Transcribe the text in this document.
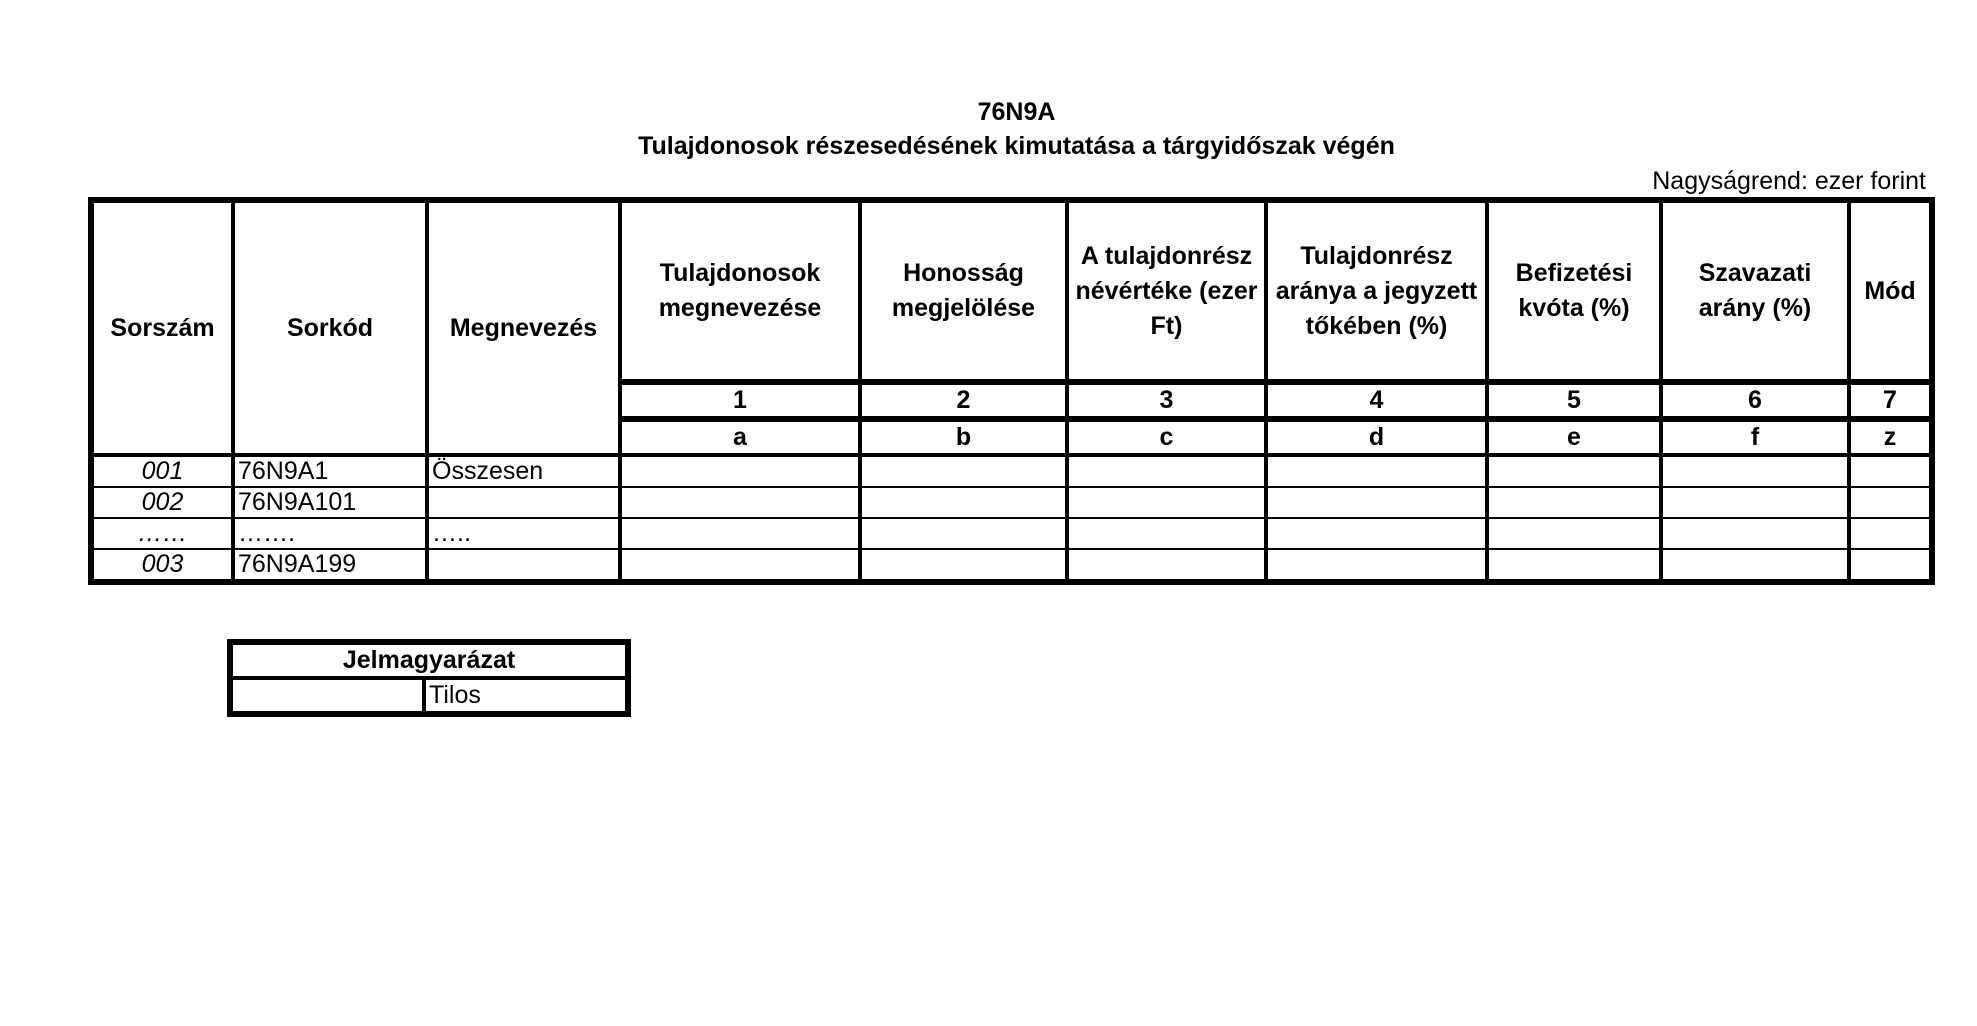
76N9A
Tulajdonosok részesedésének kimutatása a tárgyidőszak végén
Nagyságrend: ezer forint
Sorszám	Sorkód	Megnevezés	Tulajdonosok megnevezése	Honosság megjelölése	A tulajdonrész névértéke (ezer Ft)	Tulajdonrész aránya a jegyzett tőkében (%)	Befizetési kvóta (%)	Szavazati arány (%)	Mód
			1	2	3	4	5	6	7
			a	b	c	d	e	f	z
001	76N9A1	Összesen							
002	76N9A101								
……	…….	…..							
003	76N9A199								
Jelmagyarázat
	Tilos
